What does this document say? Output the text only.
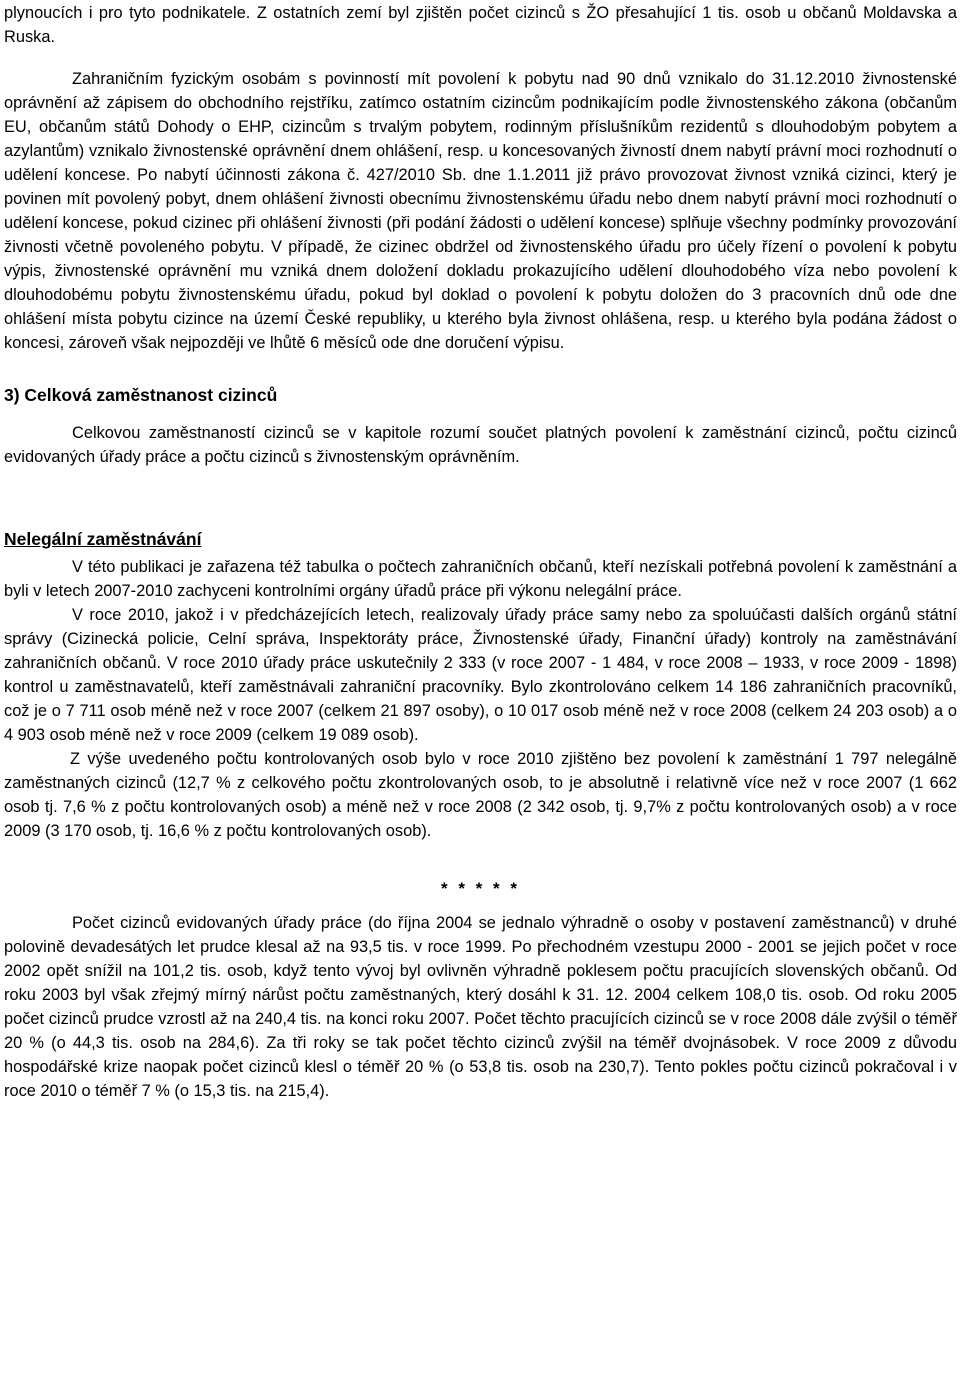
plynoucích i pro tyto podnikatele. Z ostatních zemí byl zjištěn počet cizinců s ŽO přesahující 1 tis. osob u občanů Moldavska a Ruska.

Zahraničním fyzickým osobám s povinností mít povolení k pobytu nad 90 dnů vznikalo do 31.12.2010 živnostenské oprávnění až zápisem do obchodního rejstříku, zatímco ostatním cizincům podnikajícím podle živnostenského zákona (občanům EU, občanům států Dohody o EHP, cizincům s trvalým pobytem, rodinným příslušníkům rezidentů s dlouhodobým pobytem a azylantům) vznikalo živnostenské oprávnění dnem ohlášení, resp. u koncesovaných živností dnem nabytí právní moci rozhodnutí o udělení koncese. Po nabytí účinnosti zákona č. 427/2010 Sb. dne 1.1.2011 již právo provozovat živnost vzniká cizinci, který je povinen mít povolený pobyt, dnem ohlášení živnosti obecnímu živnostenskému úřadu nebo dnem nabytí právní moci rozhodnutí o udělení koncese, pokud cizinec při ohlášení živnosti (při podání žádosti o udělení koncese) splňuje všechny podmínky provozování živnosti včetně povoleného pobytu. V případě, že cizinec obdržel od živnostenského úřadu pro účely řízení o povolení k pobytu výpis, živnostenské oprávnění mu vzniká dnem doložení dokladu prokazujícího udělení dlouhodobého víza nebo povolení k dlouhodobému pobytu živnostenskému úřadu, pokud byl doklad o povolení k pobytu doložen do 3 pracovních dnů ode dne ohlášení místa pobytu cizince na území České republiky, u kterého byla živnost ohlášena, resp. u kterého byla podána žádost o koncesi, zároveň však nejpozději ve lhůtě 6 měsíců ode dne doručení výpisu.

3) Celková zaměstnanost cizinců

Celkovou zaměstnaností cizinců se v kapitole rozumí součet platných povolení k zaměstnání cizinců, počtu cizinců evidovaných úřady práce a počtu cizinců s živnostenským oprávněním.

Nelegální zaměstnávání

V této publikaci je zařazena též tabulka o počtech zahraničních občanů, kteří nezískali potřebná povolení k zaměstnání a byli v letech 2007-2010 zachyceni kontrolními orgány úřadů práce při výkonu nelegální práce.

V roce 2010, jakož i v předcházejících letech, realizovaly úřady práce samy nebo za spoluúčasti dalších orgánů státní správy (Cizinecká policie, Celní správa, Inspektoráty práce, Živnostenské úřady, Finanční úřady) kontroly na zaměstnávání zahraničních občanů. V roce 2010 úřady práce uskutečnily 2 333 (v roce 2007 - 1 484, v roce 2008 – 1933, v roce 2009 - 1898) kontrol u zaměstnavatelů, kteří zaměstnávali zahraniční pracovníky. Bylo zkontrolováno celkem 14 186 zahraničních pracovníků, což je o 7 711 osob méně než v roce 2007 (celkem 21 897 osoby), o 10 017 osob méně než v roce 2008 (celkem 24 203 osob) a o 4 903 osob méně než v roce 2009 (celkem 19 089 osob).

Z výše uvedeného počtu kontrolovaných osob bylo v roce 2010 zjištěno bez povolení k zaměstnání 1 797 nelegálně zaměstnaných cizinců (12,7 % z celkového počtu zkontrolovaných osob, to je absolutně i relativně více než v roce 2007 (1 662 osob tj. 7,6 % z počtu kontrolovaných osob) a méně než v roce 2008 (2 342 osob, tj. 9,7% z počtu kontrolovaných osob) a v roce 2009 (3 170 osob, tj. 16,6 % z počtu kontrolovaných osob).

* * * * *

Počet cizinců evidovaných úřady práce (do října 2004 se jednalo výhradně o osoby v postavení zaměstnanců) v druhé polovině devadesátých let prudce klesal až na 93,5 tis. v roce 1999. Po přechodném vzestupu 2000 - 2001 se jejich počet v roce 2002 opět snížil na 101,2 tis. osob, když tento vývoj byl ovlivněn výhradně poklesem počtu pracujících slovenských občanů. Od roku 2003 byl však zřejmý mírný nárůst počtu zaměstnaných, který dosáhl k 31. 12. 2004 celkem 108,0 tis. osob. Od roku 2005 počet cizinců prudce vzrostl až na 240,4 tis. na konci roku 2007. Počet těchto pracujících cizinců se v roce 2008 dále zvýšil o téměř 20 % (o 44,3 tis. osob na 284,6). Za tři roky se tak počet těchto cizinců zvýšil na téměř dvojnásobek. V roce 2009 z důvodu hospodářské krize naopak počet cizinců klesl o téměř 20 % (o 53,8 tis. osob na 230,7). Tento pokles počtu cizinců pokračoval i v roce 2010 o téměř 7 % (o 15,3 tis. na 215,4).
